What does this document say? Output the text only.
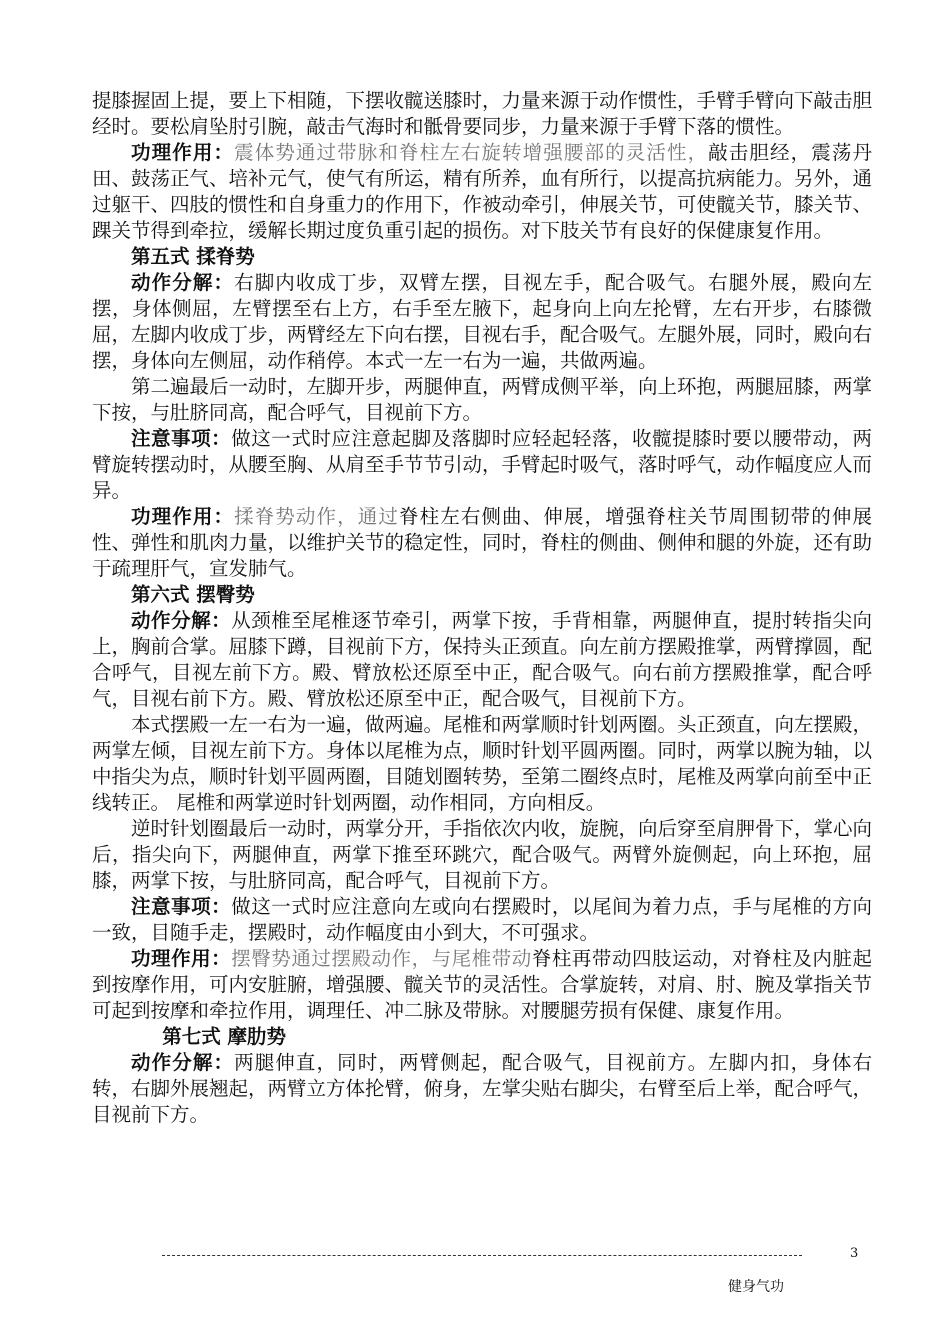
提膝握固上提，要上下相随，下摆收髋送膝时，力量来源于动作惯性，手臂手臂向下敲击胆经时。要松肩坠肘引腕，敲击气海时和骶骨要同步，力量来源于手臂下落的惯性。

功理作用：震体势通过带脉和脊柱左右旋转增强腰部的灵活性，敲击胆经，震荡丹田、鼓荡正气、培补元气，使气有所运，精有所养，血有所行，以提高抗病能力。另外，通过躯干、四肢的惯性和自身重力的作用下，作被动牵引，伸展关节，可使髋关节，膝关节、踝关节得到牵拉，缓解长期过度负重引起的损伤。对下肢关节有良好的保健康复作用。

第五式 揉脊势

动作分解：右脚内收成丁步，双臂左摆，目视左手，配合吸气。右腿外展，殿向左摆，身体侧屈，左臂摆至右上方，右手至左腋下，起身向上向左抡臂，左右开步，右膝微屈，左脚内收成丁步，两臂经左下向右摆，目视右手，配合吸气。左腿外展，同时，殿向右摆，身体向左侧屈，动作稍停。本式一左一右为一遍，共做两遍。

第二遍最后一动时，左脚开步，两腿伸直，两臂成侧平举，向上环抱，两腿屈膝，两掌下按，与肚脐同高，配合呼气，目视前下方。

注意事项：做这一式时应注意起脚及落脚时应轻起轻落，收髋提膝时要以腰带动，两臂旋转摆动时，从腰至胸、从肩至手节节引动，手臂起时吸气，落时呼气，动作幅度应人而异。

功理作用：揉脊势动作，通过脊柱左右侧曲、伸展，增强脊柱关节周围韧带的伸展性、弹性和肌肉力量，以维护关节的稳定性，同时，脊柱的侧曲、侧伸和腿的外旋，还有助于疏理肝气，宣发肺气。

第六式 摆臀势

动作分解：从颈椎至尾椎逐节牵引，两掌下按，手背相靠，两腿伸直，提肘转指尖向上，胸前合掌。屈膝下蹲，目视前下方，保持头正颈直。向左前方摆殿推掌，两臂撑圆，配合呼气，目视左前下方。殿、臂放松还原至中正，配合吸气。向右前方摆殿推掌，配合呼气，目视右前下方。殿、臂放松还原至中正，配合吸气，目视前下方。

本式摆殿一左一右为一遍，做两遍。尾椎和两掌顺时针划两圈。头正颈直，向左摆殿，两掌左倾，目视左前下方。身体以尾椎为点，顺时针划平圆两圈。同时，两掌以腕为轴，以中指尖为点，顺时针划平圆两圈，目随划圈转势，至第二圈终点时，尾椎及两掌向前至中正线转正。 尾椎和两掌逆时针划两圈，动作相同，方向相反。

逆时针划圈最后一动时，两掌分开，手指依次内收，旋腕，向后穿至肩胛骨下，掌心向后，指尖向下，两腿伸直，两掌下推至环跳穴，配合吸气。两臂外旋侧起，向上环抱，屈膝，两掌下按，与肚脐同高，配合呼气，目视前下方。

注意事项：做这一式时应注意向左或向右摆殿时，以尾间为着力点，手与尾椎的方向一致，目随手走，摆殿时，动作幅度由小到大，不可强求。

功理作用：摆臀势通过摆殿动作，与尾椎带动脊柱再带动四肢运动，对脊柱及内脏起到按摩作用，可内安脏腑，增强腰、髋关节的灵活性。合掌旋转，对肩、肘、腕及掌指关节可起到按摩和牵拉作用，调理任、冲二脉及带脉。对腰腿劳损有保健、康复作用。

第七式 摩肋势

动作分解：两腿伸直，同时，两臂侧起，配合吸气，目视前方。左脚内扣，身体右转，右脚外展翘起，两臂立方体抡臂，俯身，左掌尖贴右脚尖，右臂至后上举，配合呼气，目视前下方。

3
健身气功
